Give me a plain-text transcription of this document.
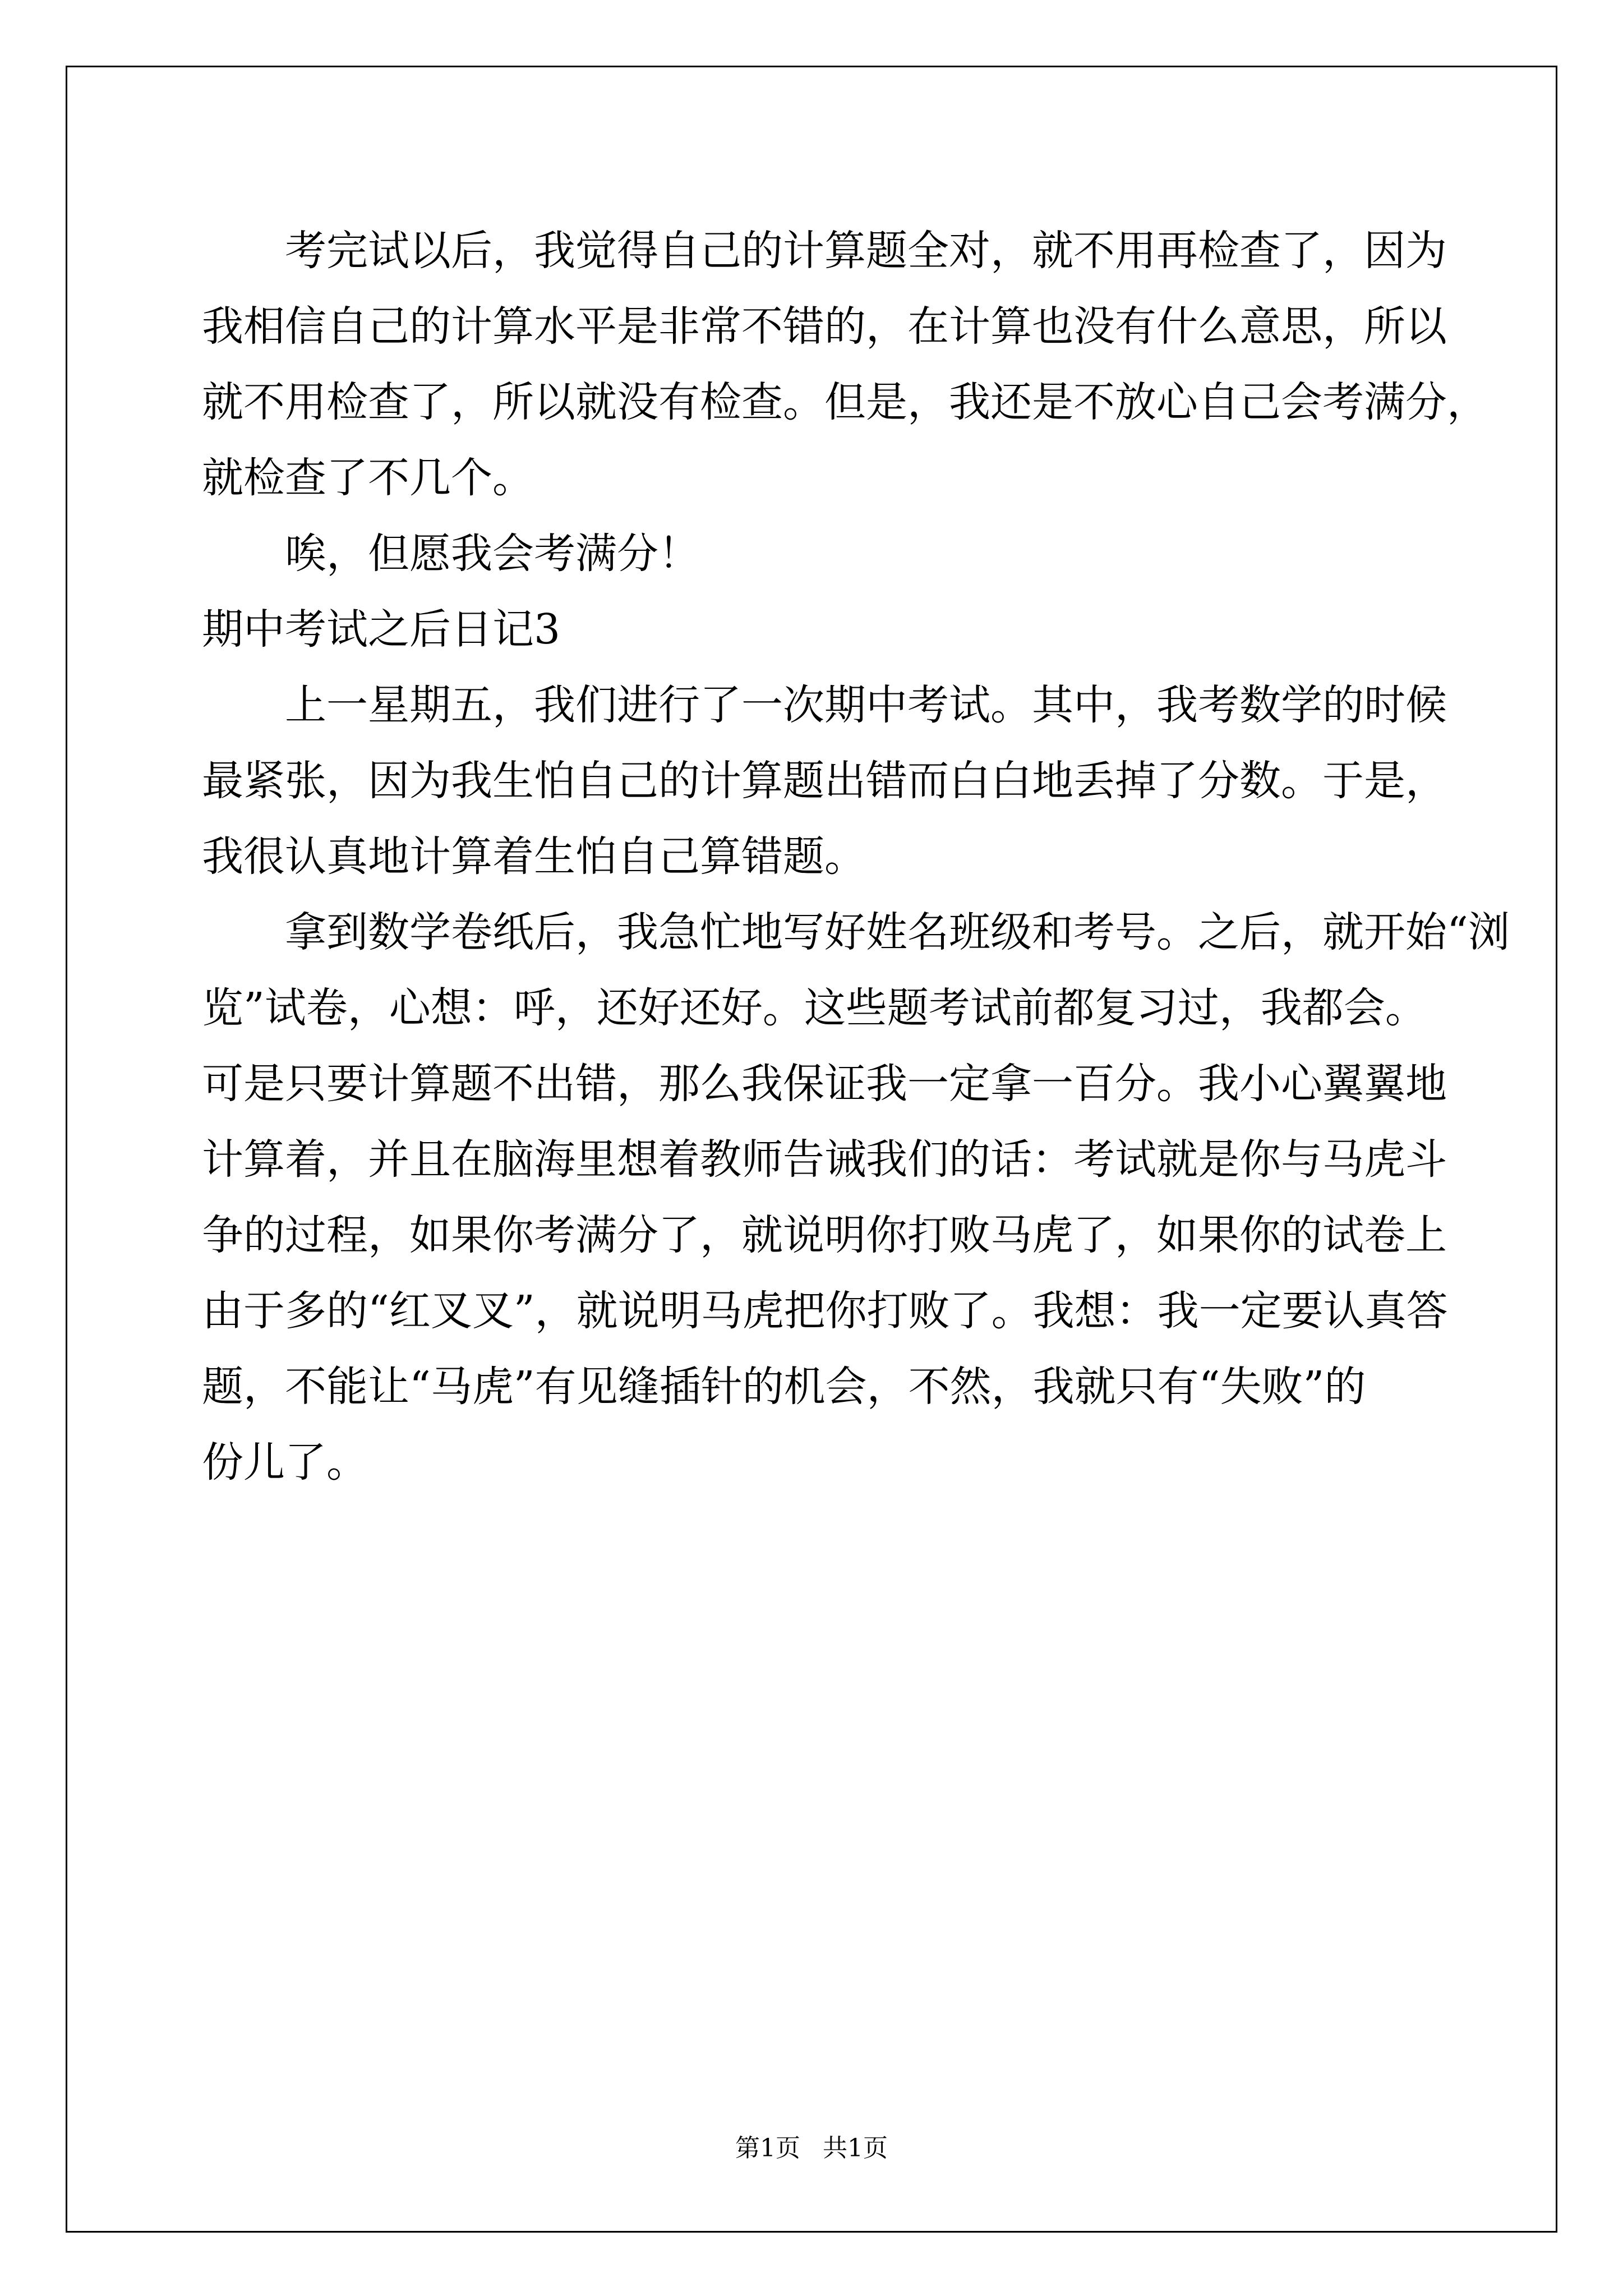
考完试以后，我觉得自己的计算题全对，就不用再检查了，因为
我相信自己的计算水平是非常不错的，在计算也没有什么意思，所以
就不用检查了，所以就没有检查。但是，我还是不放心自己会考满分，
就检查了不几个。
唉，但愿我会考满分！
期中考试之后日记3
上一星期五，我们进行了一次期中考试。其中，我考数学的时候
最紧张，因为我生怕自己的计算题出错而白白地丢掉了分数。于是，
我很认真地计算着生怕自己算错题。
拿到数学卷纸后，我急忙地写好姓名班级和考号。之后，就开始“浏
览”试卷，心想：呼，还好还好。这些题考试前都复习过，我都会。
可是只要计算题不出错，那么我保证我一定拿一百分。我小心翼翼地
计算着，并且在脑海里想着教师告诫我们的话：考试就是你与马虎斗
争的过程，如果你考满分了，就说明你打败马虎了，如果你的试卷上
由于多的“红叉叉”，就说明马虎把你打败了。我想：我一定要认真答
题，不能让“马虎”有见缝插针的机会，不然，我就只有“失败”的
份儿了。
第1页 共1页
